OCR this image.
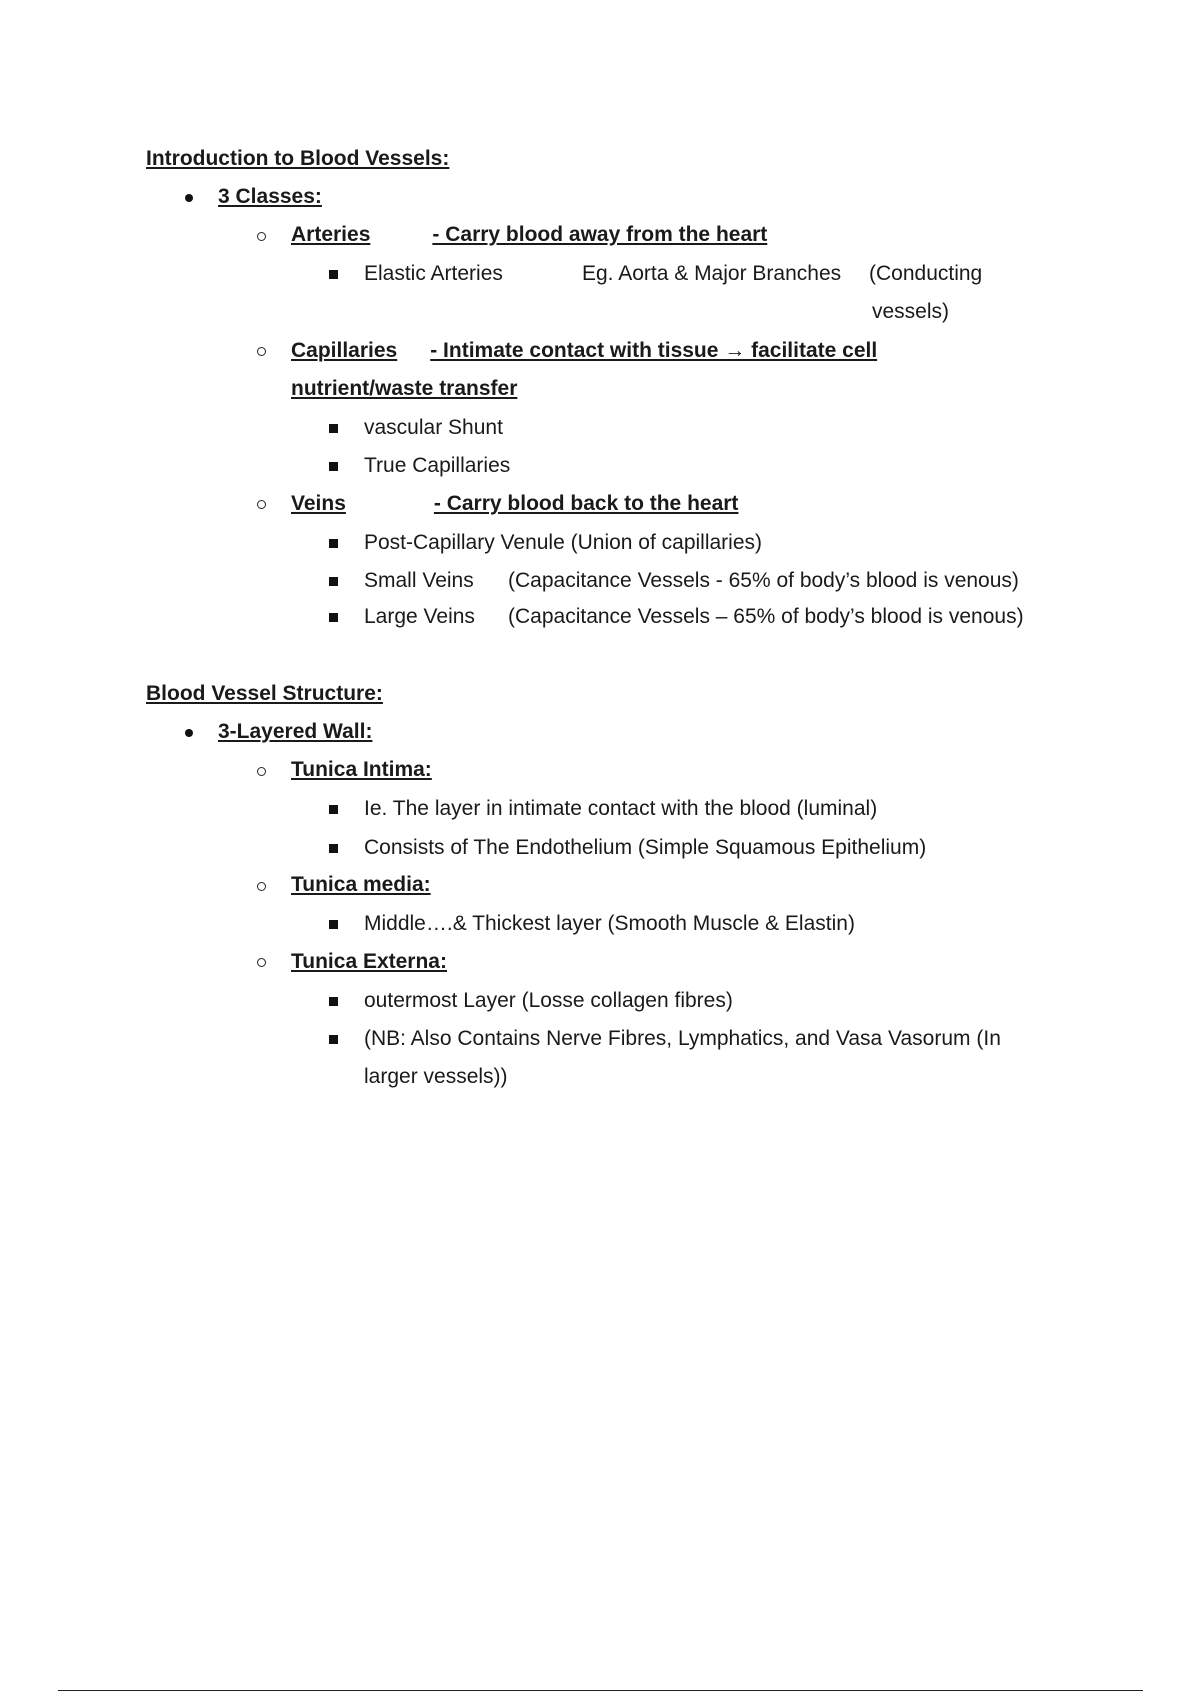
Introduction to Blood Vessels:
3 Classes:
Arteries	- Carry blood away from the heart
Elastic Arteries	Eg. Aorta & Major Branches (Conducting
vessels)
Capillaries - Intimate contact with tissue → facilitate cell
nutrient/waste transfer
vascular Shunt
True Capillaries
Veins	- Carry blood back to the heart
Post-Capillary Venule (Union of capillaries)
Small Veins (Capacitance Vessels - 65% of body’s blood is venous)
Large Veins (Capacitance Vessels – 65% of body’s blood is venous)
Blood Vessel Structure:
3-Layered Wall:
Tunica Intima:
Ie. The layer in intimate contact with the blood (luminal)
Consists of The Endothelium (Simple Squamous Epithelium)
Tunica media:
Middle….& Thickest layer (Smooth Muscle & Elastin)
Tunica Externa:
outermost Layer (Losse collagen fibres)
(NB: Also Contains Nerve Fibres, Lymphatics, and Vasa Vasorum (In
larger vessels))
